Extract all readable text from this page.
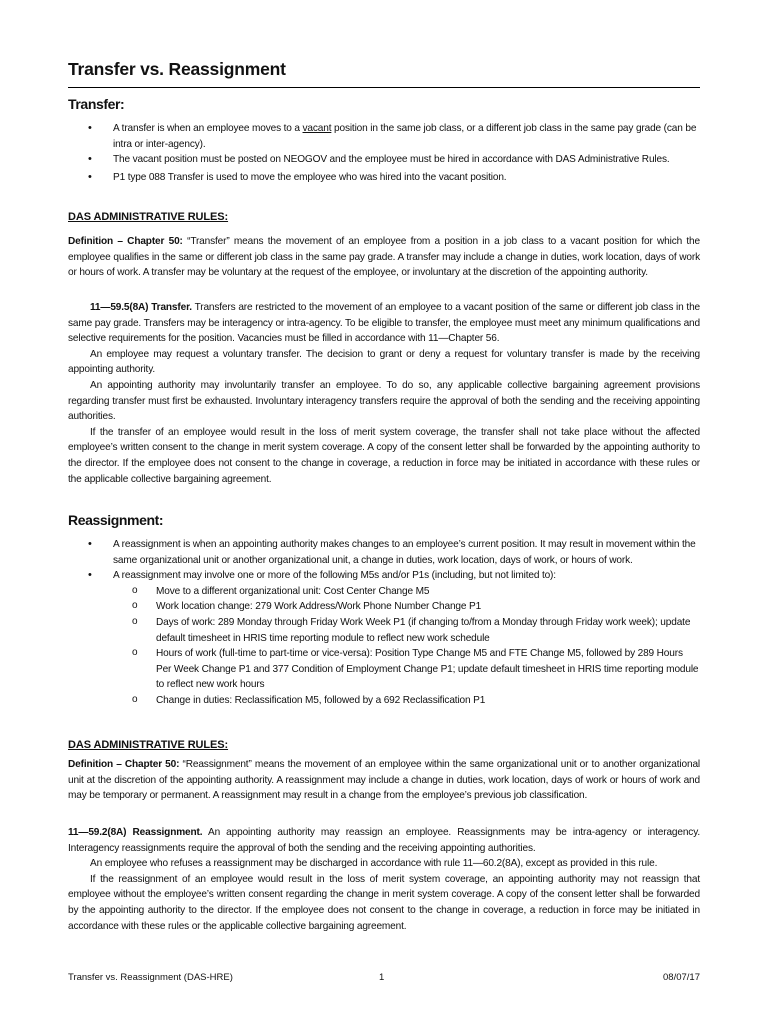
Transfer vs. Reassignment
Transfer:
• A transfer is when an employee moves to a vacant position in the same job class, or a different job class in the same pay grade (can be intra or inter-agency).
• The vacant position must be posted on NEOGOV and the employee must be hired in accordance with DAS Administrative Rules.
• P1 type 088 Transfer is used to move the employee who was hired into the vacant position.
DAS ADMINISTRATIVE RULES:

Definition – Chapter 50: “Transfer” means the movement of an employee from a position in a job class to a vacant position for which the employee qualifies in the same or different job class in the same pay grade. A transfer may include a change in duties, work location, days of work or hours of work. A transfer may be voluntary at the request of the employee, or involuntary at the discretion of the appointing authority.

11—59.5(8A) Transfer. Transfers are restricted to the movement of an employee to a vacant position of the same or different job class in the same pay grade. Transfers may be interagency or intra-agency. To be eligible to transfer, the employee must meet any minimum qualifications and selective requirements for the position. Vacancies must be filled in accordance with 11—Chapter 56.

An employee may request a voluntary transfer. The decision to grant or deny a request for voluntary transfer is made by the receiving appointing authority.

An appointing authority may involuntarily transfer an employee. To do so, any applicable collective bargaining agreement provisions regarding transfer must first be exhausted. Involuntary interagency transfers require the approval of both the sending and the receiving appointing authorities.

If the transfer of an employee would result in the loss of merit system coverage, the transfer shall not take place without the affected employee’s written consent to the change in merit system coverage. A copy of the consent letter shall be forwarded by the appointing authority to the director. If the employee does not consent to the change in coverage, a reduction in force may be initiated in accordance with these rules or the applicable collective bargaining agreement.

Reassignment:
• A reassignment is when an appointing authority makes changes to an employee’s current position. It may result in movement within the same organizational unit or another organizational unit, a change in duties, work location, days of work, or hours of work.
• A reassignment may involve one or more of the following M5s and/or P1s (including, but not limited to):
o Move to a different organizational unit: Cost Center Change M5
o Work location change: 279 Work Address/Work Phone Number Change P1
o Days of work: 289 Monday through Friday Work Week P1 (if changing to/from a Monday through Friday work week); update default timesheet in HRIS time reporting module to reflect new work schedule
o Hours of work (full-time to part-time or vice-versa): Position Type Change M5 and FTE Change M5, followed by 289 Hours Per Week Change P1 and 377 Condition of Employment Change P1; update default timesheet in HRIS time reporting module to reflect new work hours
o Change in duties: Reclassification M5, followed by a 692 Reclassification P1
DAS ADMINISTRATIVE RULES:

Definition – Chapter 50: “Reassignment” means the movement of an employee within the same organizational unit or to another organizational unit at the discretion of the appointing authority. A reassignment may include a change in duties, work location, days of work or hours of work and may be temporary or permanent. A reassignment may result in a change from the employee’s previous job classification.

11—59.2(8A) Reassignment. An appointing authority may reassign an employee. Reassignments may be intra-agency or interagency. Interagency reassignments require the approval of both the sending and the receiving appointing authorities.

An employee who refuses a reassignment may be discharged in accordance with rule 11—60.2(8A), except as provided in this rule.

If the reassignment of an employee would result in the loss of merit system coverage, an appointing authority may not reassign that employee without the employee’s written consent regarding the change in merit system coverage. A copy of the consent letter shall be forwarded by the appointing authority to the director. If the employee does not consent to the change in coverage, a reduction in force may be initiated in accordance with these rules or the applicable collective bargaining agreement.

Transfer vs. Reassignment (DAS-HRE)	1	08/07/17
